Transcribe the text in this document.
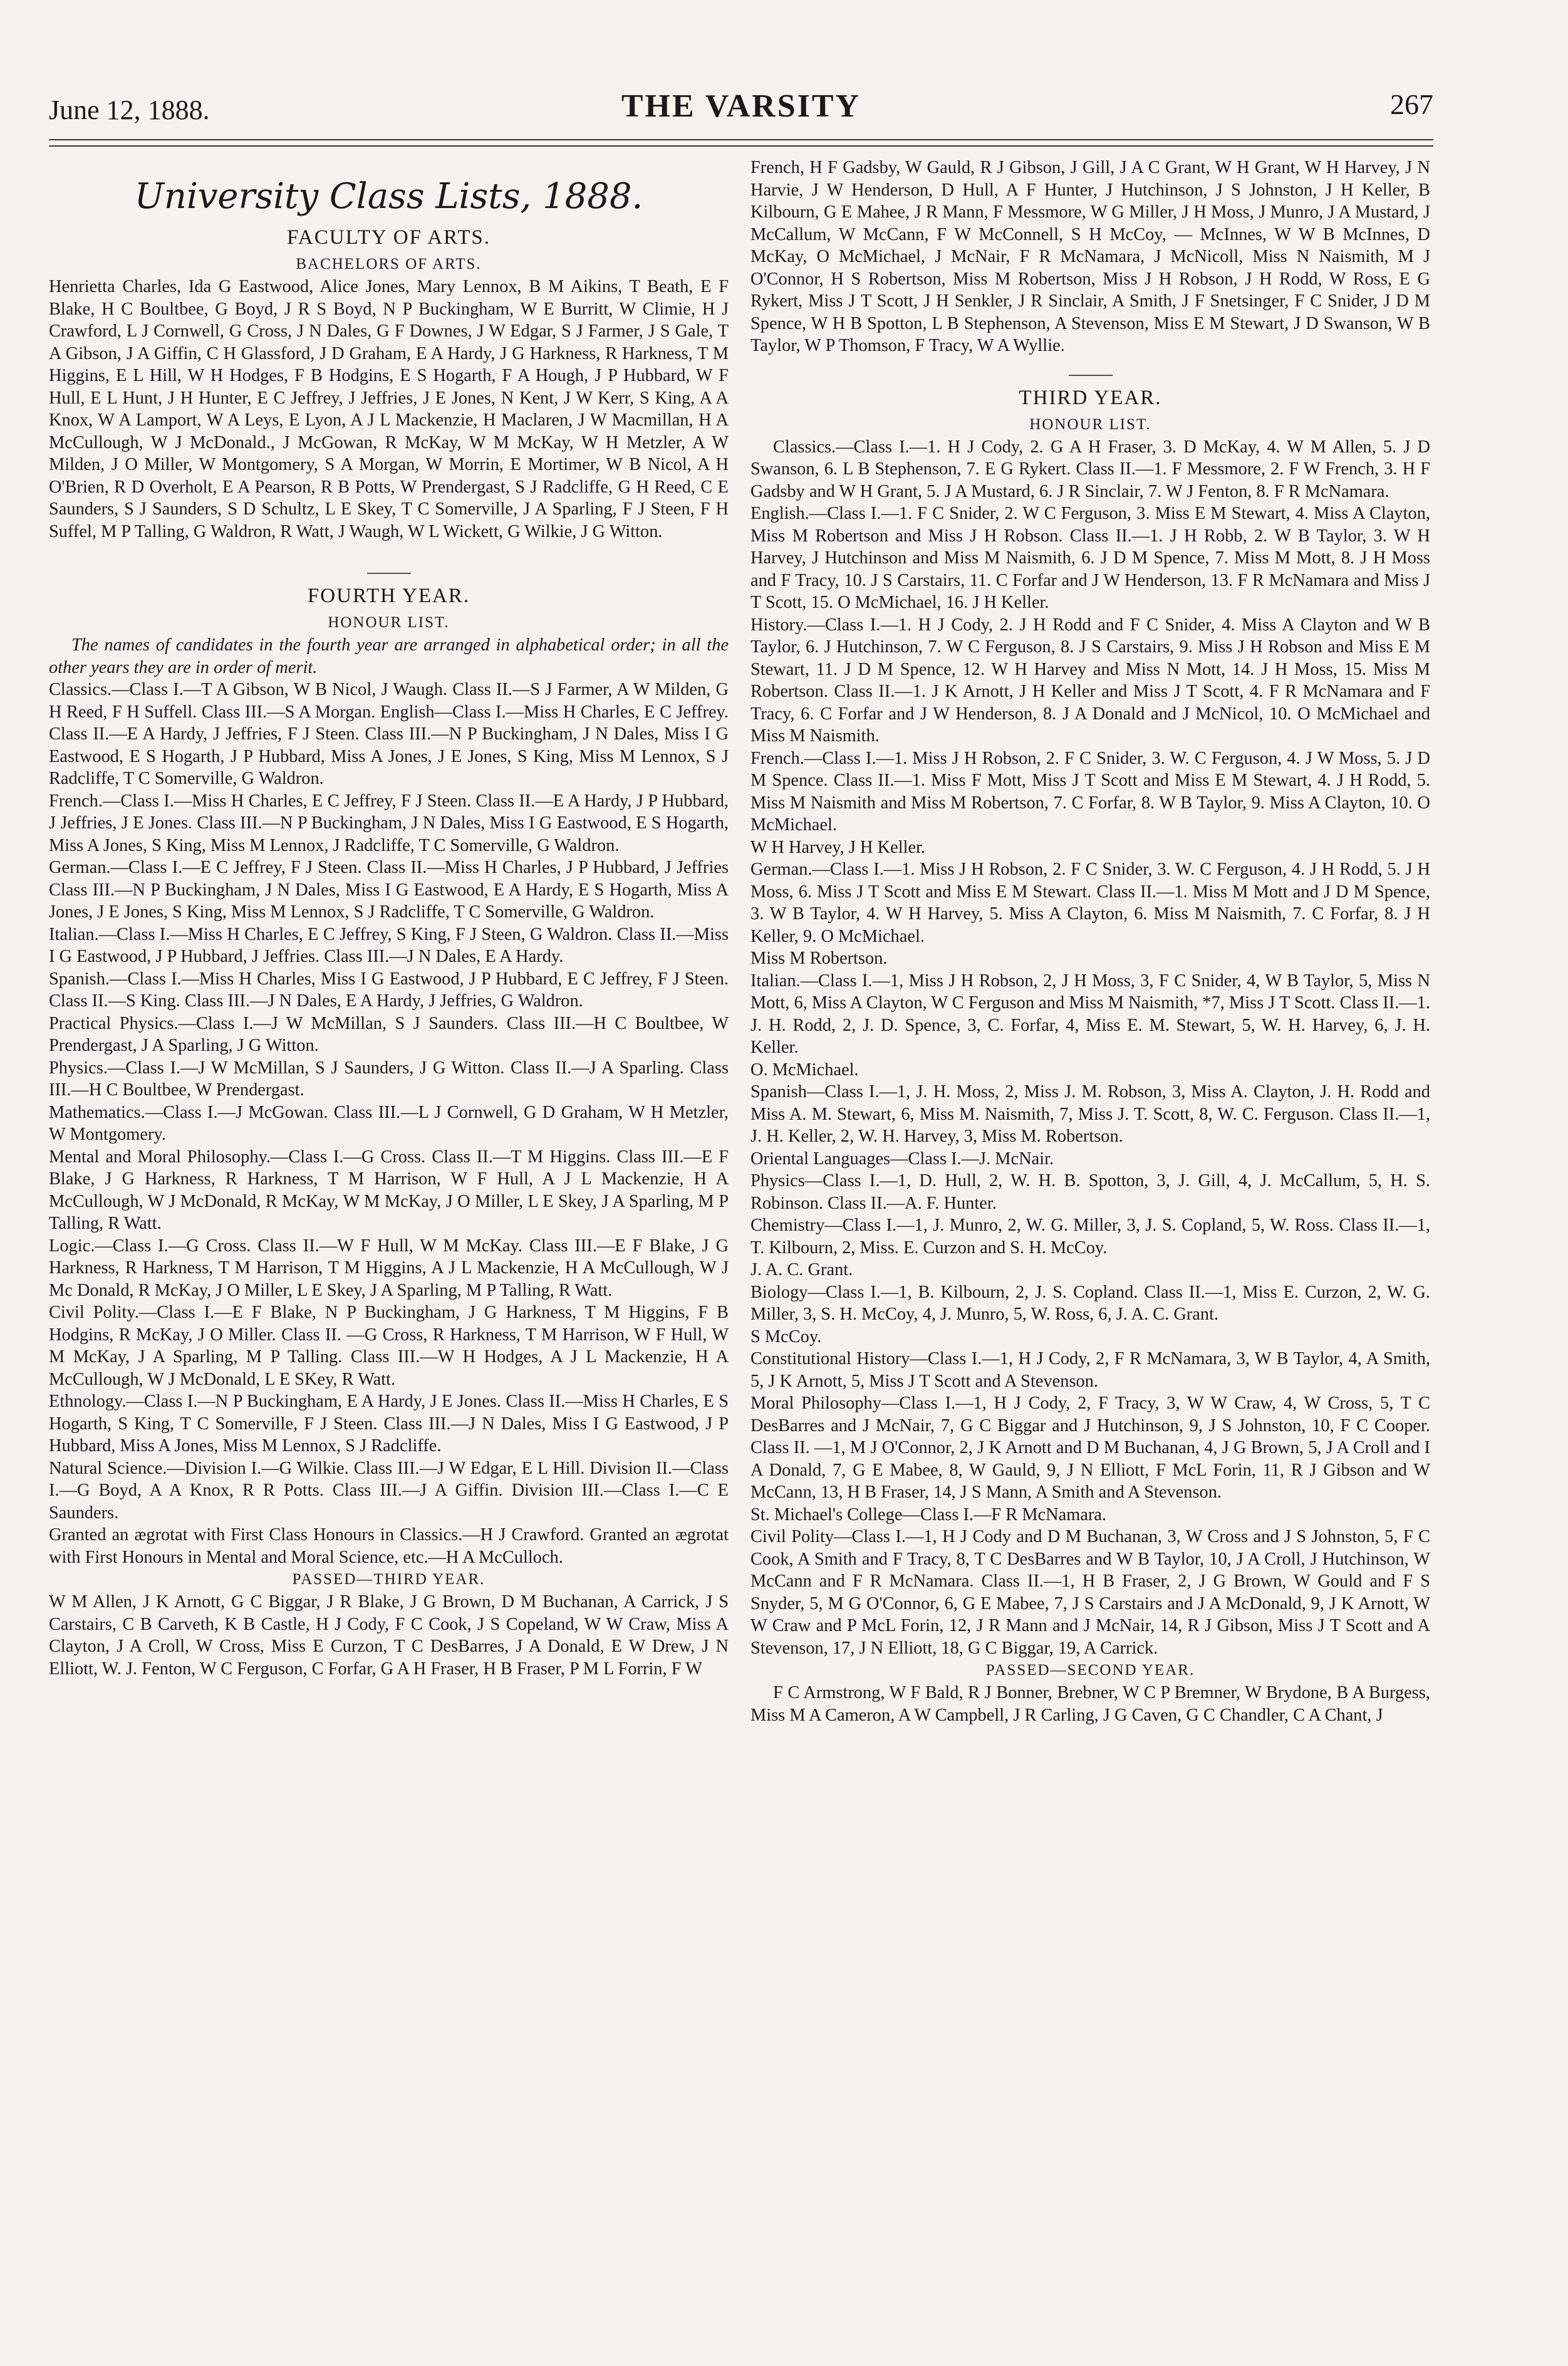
June 12, 1888.	THE VARSITY	267
University Class Lists, 1888.
FACULTY OF ARTS.
BACHELORS OF ARTS.

Henrietta Charles, Ida G Eastwood, Alice Jones, Mary Lennox, B M Aikins, T Beath, E F Blake, H C Boultbee, G Boyd, J R S Boyd, N P Buckingham, W E Burritt, W Climie, H J Crawford, L J Cornwell, G Cross, J N Dales, G F Downes, J W Edgar, S J Farmer, J S Gale, T A Gibson, J A Giffin, C H Glassford, J D Graham, E A Hardy, J G Harkness, R Harkness, T M Higgins, E L Hill, W H Hodges, F B Hodgins, E S Hogarth, F A Hough, J P Hubbard, W F Hull, E L Hunt, J H Hunter, E C Jeffrey, J Jeffries, J E Jones, N Kent, J W Kerr, S King, A A Knox, W A Lamport, W A Leys, E Lyon, A J L Mackenzie, H Maclaren, J W Macmillan, H A McCullough, W J McDonald., J McGowan, R McKay, W M McKay, W H Metzler, A W Milden, J O Miller, W Montgomery, S A Morgan, W Morrin, E Mortimer, W B Nicol, A H O'Brien, R D Overholt, E A Pearson, R B Potts, W Prendergast, S J Radcliffe, G H Reed, C E Saunders, S J Saunders, S D Schultz, L E Skey, T C Somerville, J A Sparling, F J Steen, F H Suffel, M P Talling, G Waldron, R Watt, J Waugh, W L Wickett, G Wilkie, J G Witton.

FOURTH YEAR.
HONOUR LIST.

The names of candidates in the fourth year are arranged in alphabetical order; in all the other years they are in order of merit.

Classics.—Class I.—T A Gibson, W B Nicol, J Waugh. Class II.—S J Farmer, A W Milden, G H Reed, F H Suffell. Class III.—S A Morgan. English—Class I.—Miss H Charles, E C Jeffrey. Class II.—E A Hardy, J Jeffries, F J Steen. Class III.—N P Buckingham, J N Dales, Miss I G Eastwood, E S Hogarth, J P Hubbard, Miss A Jones, J E Jones, S King, Miss M Lennox, S J Radcliffe, T C Somerville, G Waldron.

French.—Class I.—Miss H Charles, E C Jeffrey, F J Steen. Class II.—E A Hardy, J P Hubbard, J Jeffries, J E Jones. Class III.—N P Buckingham, J N Dales, Miss I G Eastwood, E S Hogarth, Miss A Jones, S King, Miss M Lennox, J Radcliffe, T C Somerville, G Waldron.

German.—Class I.—E C Jeffrey, F J Steen. Class II.—Miss H Charles, J P Hubbard, J Jeffries Class III.—N P Buckingham, J N Dales, Miss I G Eastwood, E A Hardy, E S Hogarth, Miss A Jones, J E Jones, S King, Miss M Lennox, S J Radcliffe, T C Somerville, G Waldron.

Italian.—Class I.—Miss H Charles, E C Jeffrey, S King, F J Steen, G Waldron. Class II.—Miss I G Eastwood, J P Hubbard, J Jeffries. Class III.—J N Dales, E A Hardy.

Spanish.—Class I.—Miss H Charles, Miss I G Eastwood, J P Hubbard, E C Jeffrey, F J Steen. Class II.—S King. Class III.—J N Dales, E A Hardy, J Jeffries, G Waldron.

Practical Physics.—Class I.—J W McMillan, S J Saunders. Class III.—H C Boultbee, W Prendergast, J A Sparling, J G Witton.

Physics.—Class I.—J W McMillan, S J Saunders, J G Witton. Class II.—J A Sparling. Class III.—H C Boultbee, W Prendergast.

Mathematics.—Class I.—J McGowan. Class III.—L J Cornwell, G D Graham, W H Metzler, W Montgomery.

Mental and Moral Philosophy.—Class I.—G Cross. Class II.—T M Higgins. Class III.—E F Blake, J G Harkness, R Harkness, T M Harrison, W F Hull, A J L Mackenzie, H A McCullough, W J McDonald, R McKay, W M McKay, J O Miller, L E Skey, J A Sparling, M P Talling, R Watt.

Logic.—Class I.—G Cross. Class II.—W F Hull, W M McKay. Class III.—E F Blake, J G Harkness, R Harkness, T M Harrison, T M Higgins, A J L Mackenzie, H A McCullough, W J Mc Donald, R McKay, J O Miller, L E Skey, J A Sparling, M P Talling, R Watt.

Civil Polity.—Class I.—E F Blake, N P Buckingham, J G Harkness, T M Higgins, F B Hodgins, R McKay, J O Miller. Class II. —G Cross, R Harkness, T M Harrison, W F Hull, W M McKay, J A Sparling, M P Talling. Class III.—W H Hodges, A J L Mackenzie, H A McCullough, W J McDonald, L E SKey, R Watt.

Ethnology.—Class I.—N P Buckingham, E A Hardy, J E Jones. Class II.—Miss H Charles, E S Hogarth, S King, T C Somerville, F J Steen. Class III.—J N Dales, Miss I G Eastwood, J P Hubbard, Miss A Jones, Miss M Lennox, S J Radcliffe.

Natural Science.—Division I.—G Wilkie. Class III.—J W Edgar, E L Hill. Division II.—Class I.—G Boyd, A A Knox, R R Potts. Class III.—J A Giffin. Division III.—Class I.—C E Saunders.

Granted an ægrotat with First Class Honours in Classics.—H J Crawford. Granted an ægrotat with First Honours in Mental and Moral Science, etc.—H A McCulloch.

PASSED—THIRD YEAR.

W M Allen, J K Arnott, G C Biggar, J R Blake, J G Brown, D M Buchanan, A Carrick, J S Carstairs, C B Carveth, K B Castle, H J Cody, F C Cook, J S Copeland, W W Craw, Miss A Clayton, J A Croll, W Cross, Miss E Curzon, T C DesBarres, J A Donald, E W Drew, J N Elliott, W. J. Fenton, W C Ferguson, C Forfar, G A H Fraser, H B Fraser, P M L Forrin, F W

French, H F Gadsby, W Gauld, R J Gibson, J Gill, J A C Grant, W H Grant, W H Harvey, J N Harvie, J W Henderson, D Hull, A F Hunter, J Hutchinson, J S Johnston, J H Keller, B Kilbourn, G E Mahee, J R Mann, F Messmore, W G Miller, J H Moss, J Munro, J A Mustard, J McCallum, W McCann, F W McConnell, S H McCoy, — McInnes, W W B McInnes, D McKay, O McMichael, J McNair, F R McNamara, J McNicoll, Miss N Naismith, M J O'Connor, H S Robertson, Miss M Robertson, Miss J H Robson, J H Rodd, W Ross, E G Rykert, Miss J T Scott, J H Senkler, J R Sinclair, A Smith, J F Snetsinger, F C Snider, J D M Spence, W H B Spotton, L B Stephenson, A Stevenson, Miss E M Stewart, J D Swanson, W B Taylor, W P Thomson, F Tracy, W A Wyllie.

THIRD YEAR.
HONOUR LIST.

Classics.—Class I.—1. H J Cody, 2. G A H Fraser, 3. D McKay, 4. W M Allen, 5. J D Swanson, 6. L B Stephenson, 7. E G Rykert. Class II.—1. F Messmore, 2. F W French, 3. H F Gadsby and W H Grant, 5. J A Mustard, 6. J R Sinclair, 7. W J Fenton, 8. F R McNamara.

English.—Class I.—1. F C Snider, 2. W C Ferguson, 3. Miss E M Stewart, 4. Miss A Clayton, Miss M Robertson and Miss J H Robson. Class II.—1. J H Robb, 2. W B Taylor, 3. W H Harvey, J Hutchinson and Miss M Naismith, 6. J D M Spence, 7. Miss M Mott, 8. J H Moss and F Tracy, 10. J S Carstairs, 11. C Forfar and J W Henderson, 13. F R McNamara and Miss J T Scott, 15. O McMichael, 16. J H Keller.

History.—Class I.—1. H J Cody, 2. J H Rodd and F C Snider, 4. Miss A Clayton and W B Taylor, 6. J Hutchinson, 7. W C Ferguson, 8. J S Carstairs, 9. Miss J H Robson and Miss E M Stewart, 11. J D M Spence, 12. W H Harvey and Miss N Mott, 14. J H Moss, 15. Miss M Robertson. Class II.—1. J K Arnott, J H Keller and Miss J T Scott, 4. F R McNamara and F Tracy, 6. C Forfar and J W Henderson, 8. J A Donald and J McNicol, 10. O McMichael and Miss M Naismith.

French.—Class I.—1. Miss J H Robson, 2. F C Snider, 3. W. C Ferguson, 4. J W Moss, 5. J D M Spence. Class II.—1. Miss F Mott, Miss J T Scott and Miss E M Stewart, 4. J H Rodd, 5. Miss M Naismith and Miss M Robertson, 7. C Forfar, 8. W B Taylor, 9. Miss A Clayton, 10. O McMichael.

W H Harvey, J H Keller.

German.—Class I.—1. Miss J H Robson, 2. F C Snider, 3. W. C Ferguson, 4. J H Rodd, 5. J H Moss, 6. Miss J T Scott and Miss E M Stewart. Class II.—1. Miss M Mott and J D M Spence, 3. W B Taylor, 4. W H Harvey, 5. Miss A Clayton, 6. Miss M Naismith, 7. C Forfar, 8. J H Keller, 9. O McMichael.

Miss M Robertson.

Italian.—Class I.—1, Miss J H Robson, 2, J H Moss, 3, F C Snider, 4, W B Taylor, 5, Miss N Mott, 6, Miss A Clayton, W C Ferguson and Miss M Naismith, *7, Miss J T Scott. Class II.—1. J. H. Rodd, 2, J. D. Spence, 3, C. Forfar, 4, Miss E. M. Stewart, 5, W. H. Harvey, 6, J. H. Keller.

O. McMichael.

Spanish—Class I.—1, J. H. Moss, 2, Miss J. M. Robson, 3, Miss A. Clayton, J. H. Rodd and Miss A. M. Stewart, 6, Miss M. Naismith, 7, Miss J. T. Scott, 8, W. C. Ferguson. Class II.—1, J. H. Keller, 2, W. H. Harvey, 3, Miss M. Robertson.

Oriental Languages—Class I.—J. McNair.

Physics—Class I.—1, D. Hull, 2, W. H. B. Spotton, 3, J. Gill, 4, J. McCallum, 5, H. S. Robinson. Class II.—A. F. Hunter.

Chemistry—Class I.—1, J. Munro, 2, W. G. Miller, 3, J. S. Copland, 5, W. Ross. Class II.—1, T. Kilbourn, 2, Miss. E. Curzon and S. H. McCoy.

J. A. C. Grant.

Biology—Class I.—1, B. Kilbourn, 2, J. S. Copland. Class II.—1, Miss E. Curzon, 2, W. G. Miller, 3, S. H. McCoy, 4, J. Munro, 5, W. Ross, 6, J. A. C. Grant.

S McCoy.

Constitutional History—Class I.—1, H J Cody, 2, F R McNamara, 3, W B Taylor, 4, A Smith, 5, J K Arnott, 5, Miss J T Scott and A Stevenson.

Moral Philosophy—Class I.—1, H J Cody, 2, F Tracy, 3, W W Craw, 4, W Cross, 5, T C DesBarres and J McNair, 7, G C Biggar and J Hutchinson, 9, J S Johnston, 10, F C Cooper. Class II. —1, M J O'Connor, 2, J K Arnott and D M Buchanan, 4, J G Brown, 5, J A Croll and I A Donald, 7, G E Mabee, 8, W Gauld, 9, J N Elliott, F McL Forin, 11, R J Gibson and W McCann, 13, H B Fraser, 14, J S Mann, A Smith and A Stevenson.

St. Michael's College—Class I.—F R McNamara.

Civil Polity—Class I.—1, H J Cody and D M Buchanan, 3, W Cross and J S Johnston, 5, F C Cook, A Smith and F Tracy, 8, T C DesBarres and W B Taylor, 10, J A Croll, J Hutchinson, W McCann and F R McNamara. Class II.—1, H B Fraser, 2, J G Brown, W Gould and F S Snyder, 5, M G O'Connor, 6, G E Mabee, 7, J S Carstairs and J A McDonald, 9, J K Arnott, W W Craw and P McL Forin, 12, J R Mann and J McNair, 14, R J Gibson, Miss J T Scott and A Stevenson, 17, J N Elliott, 18, G C Biggar, 19, A Carrick.

PASSED—SECOND YEAR.

F C Armstrong, W F Bald, R J Bonner, Brebner, W C P Bremner, W Brydone, B A Burgess, Miss M A Cameron, A W Campbell, J R Carling, J G Caven, G C Chandler, C A Chant, J
